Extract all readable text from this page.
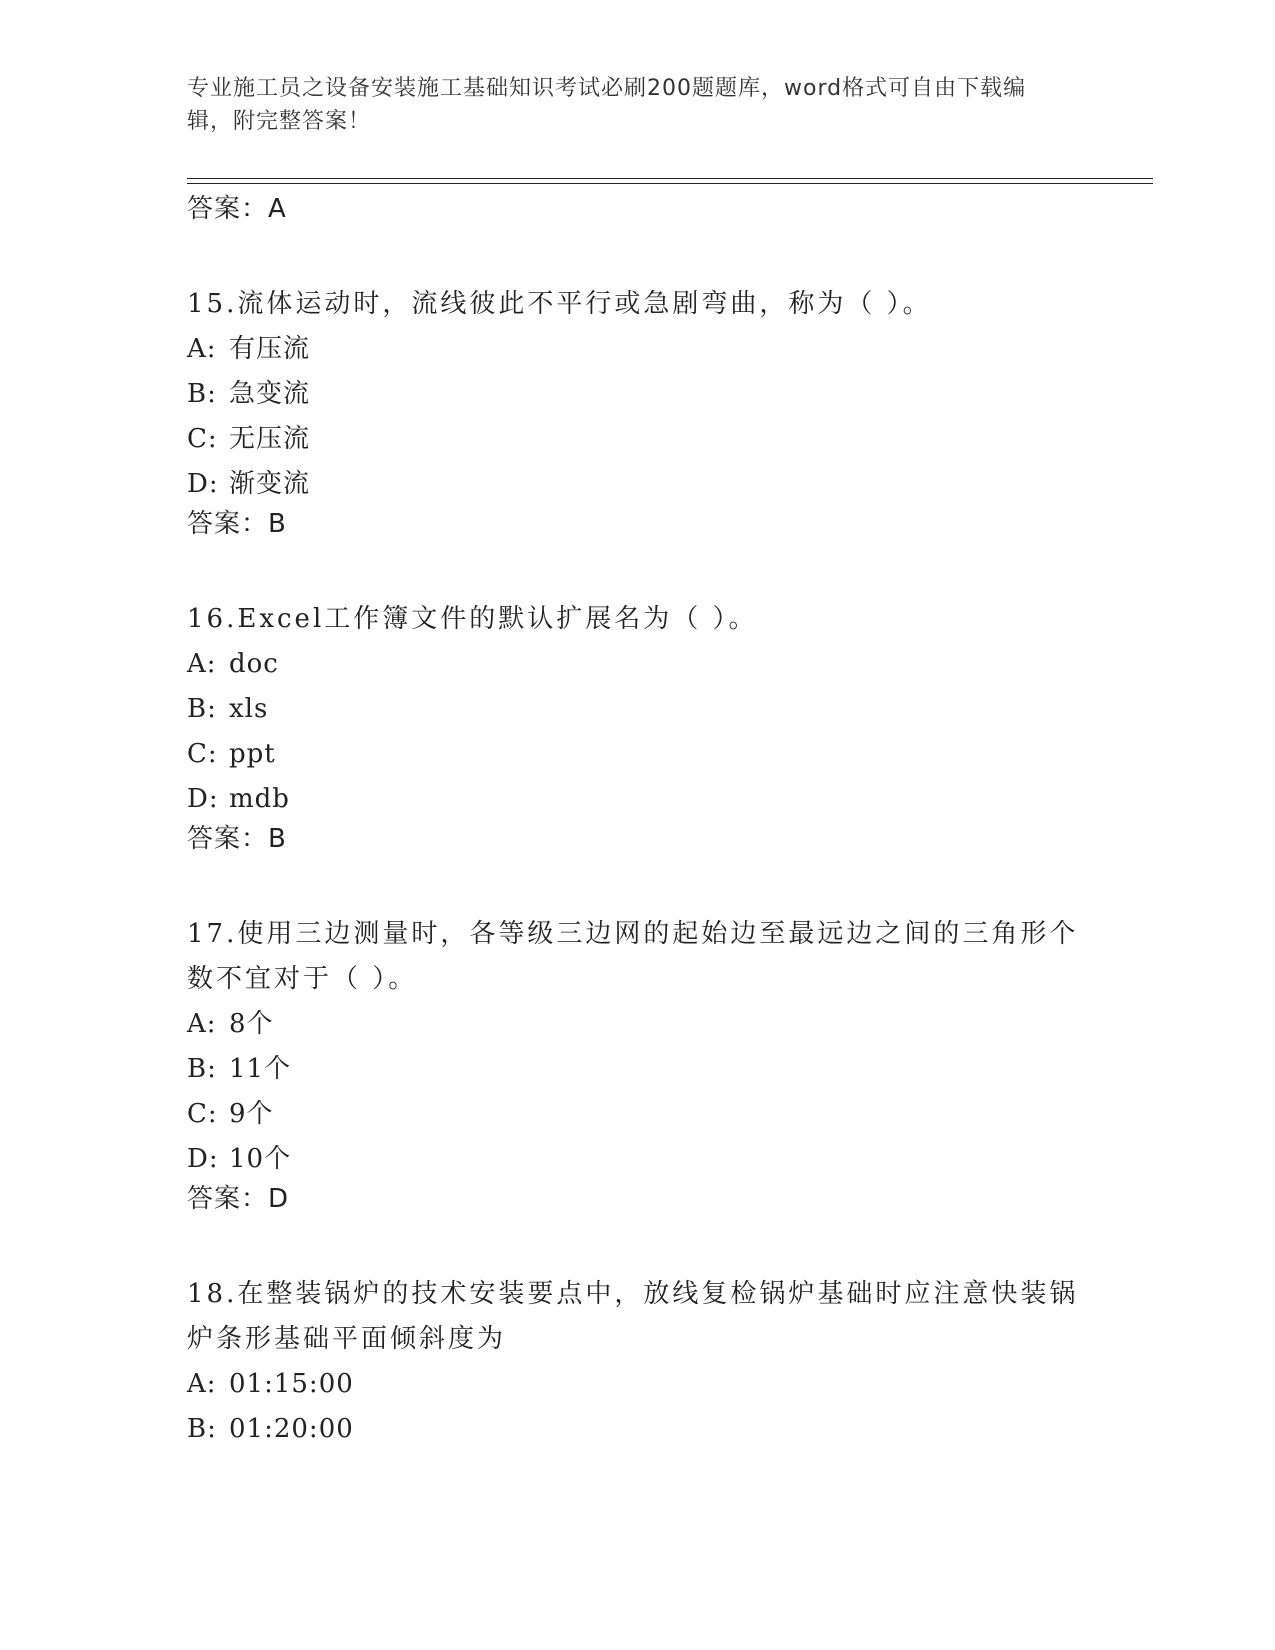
专业施工员之设备安装施工基础知识考试必刷200题题库，word格式可自由下载编辑，附完整答案！

答案：A

15.流体运动时，流线彼此不平行或急剧弯曲，称为（ ）。

A: 有压流

B: 急变流

C: 无压流

D: 渐变流

答案：B

16.Excel工作簿文件的默认扩展名为（ ）。

A: doc

B: xls

C: ppt

D: mdb

答案：B

17.使用三边测量时，各等级三边网的起始边至最远边之间的三角形个数不宜对于（ ）。

A: 8个

B: 11个

C: 9个

D: 10个

答案：D

18.在整装锅炉的技术安装要点中，放线复检锅炉基础时应注意快装锅炉条形基础平面倾斜度为

A: 01:15:00

B: 01:20:00
